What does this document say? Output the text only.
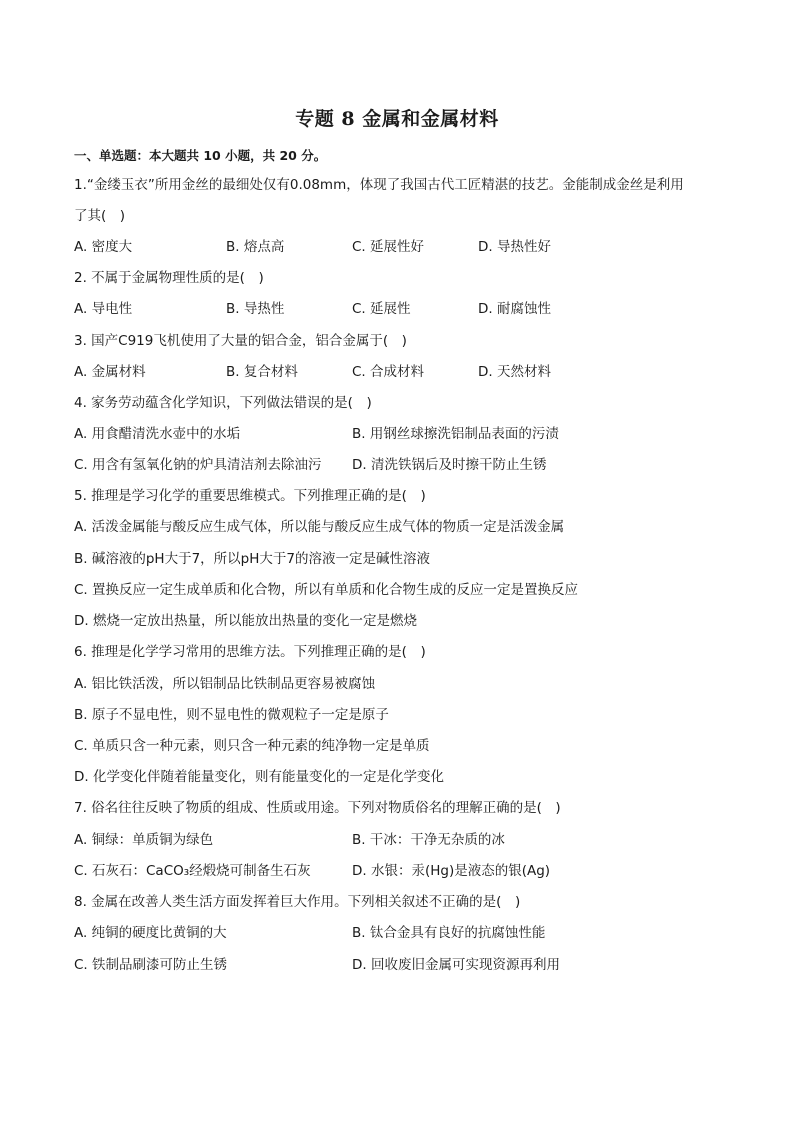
专题 8 金属和金属材料
一、单选题：本大题共 10 小题，共 20 分。
1.“金缕玉衣”所用金丝的最细处仅有0.08mm，体现了我国古代工匠精湛的技艺。金能制成金丝是利用
了其(　)
A. 密度大	B. 熔点高	C. 延展性好	D. 导热性好
2. 不属于金属物理性质的是(　)
A. 导电性	B. 导热性	C. 延展性	D. 耐腐蚀性
3. 国产C919飞机使用了大量的铝合金，铝合金属于(　)
A. 金属材料	B. 复合材料	C. 合成材料	D. 天然材料
4. 家务劳动蕴含化学知识，下列做法错误的是(　)
A. 用食醋清洗水壶中的水垢	B. 用钢丝球擦洗铝制品表面的污渍
C. 用含有氢氧化钠的炉具清洁剂去除油污 D. 清洗铁锅后及时擦干防止生锈
5. 推理是学习化学的重要思维模式。下列推理正确的是(　)
A. 活泼金属能与酸反应生成气体，所以能与酸反应生成气体的物质一定是活泼金属
B. 碱溶液的pH大于7，所以pH大于7的溶液一定是碱性溶液
C. 置换反应一定生成单质和化合物，所以有单质和化合物生成的反应一定是置换反应
D. 燃烧一定放出热量，所以能放出热量的变化一定是燃烧
6. 推理是化学学习常用的思维方法。下列推理正确的是(　)
A. 铝比铁活泼，所以铝制品比铁制品更容易被腐蚀
B. 原子不显电性，则不显电性的微观粒子一定是原子
C. 单质只含一种元素，则只含一种元素的纯净物一定是单质
D. 化学变化伴随着能量变化，则有能量变化的一定是化学变化
7. 俗名往往反映了物质的组成、性质或用途。下列对物质俗名的理解正确的是(　)
A. 铜绿：单质铜为绿色	B. 干冰：干净无杂质的冰
C. 石灰石：CaCO₃经煅烧可制备生石灰	D. 水银：汞(Hg)是液态的银(Ag)
8. 金属在改善人类生活方面发挥着巨大作用。下列相关叙述不正确的是(　)
A. 纯铜的硬度比黄铜的大	B. 钛合金具有良好的抗腐蚀性能
C. 铁制品刷漆可防止生锈	D. 回收废旧金属可实现资源再利用
